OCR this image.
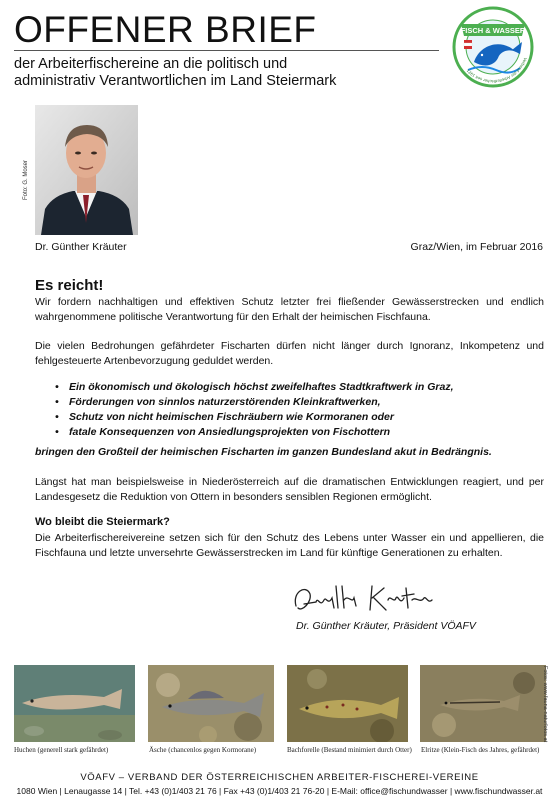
OFFENER BRIEF
der Arbeiterfischereine an die politisch und
administrativ Verantwortlichen im Land Steiermark
FISCH & WASSER
Verband der Arbeiterfischer seit 1921
Foto: G. Moser
Dr. Günther Kräuter	Graz/Wien, im Februar 2016
Es reicht!
Wir fordern nachhaltigen und effektiven Schutz letzter frei fließender Gewässerstrecken und endlich wahrgenommene politische Verantwortung für den Erhalt der heimischen Fischfauna.
Die vielen Bedrohungen gefährdeter Fischarten dürfen nicht länger durch Ignoranz, Inkompetenz und fehlgesteuerte Artenbevorzugung geduldet werden.
• Ein ökonomisch und ökologisch höchst zweifelhaftes Stadtkraftwerk in Graz,
• Förderungen von sinnlos naturzerstörenden Kleinkraftwerken,
• Schutz von nicht heimischen Fischräubern wie Kormoranen oder
• fatale Konsequenzen von Ansiedlungsprojekten von Fischottern
bringen den Großteil der heimischen Fischarten im ganzen Bundesland akut in Bedrängnis.
Längst hat man beispielsweise in Niederösterreich auf die dramatischen Entwicklungen reagiert, und per Landesgesetz die Reduktion von Ottern in besonders sensiblen Regionen ermöglicht.
Wo bleibt die Steiermark?
Die Arbeiterfischereivereine setzen sich für den Schutz des Lebens unter Wasser ein und appellieren, die Fischfauna und letzte unversehrte Gewässerstrecken im Land für künftige Generationen zu erhalten.
Dr. Günther Kräuter, Präsident VÖAFV
Huchen (generell stark gefährdet)	Äsche (chancenlos gegen Kormorane)	Bachforelle (Bestand minimiert durch Otter) Elritze (Klein-Fisch des Jahres, gefährdet)
Fotos: www.fauna-naturfotos.at
VÖAFV – VERBAND DER ÖSTERREICHISCHEN ARBEITER-FISCHEREI-VEREINE
1080 Wien | Lenaugasse 14 | Tel. +43 (0)1/403 21 76 | Fax +43 (0)1/403 21 76-20 | E-Mail: office@fischundwasser | www.fischundwasser.at
